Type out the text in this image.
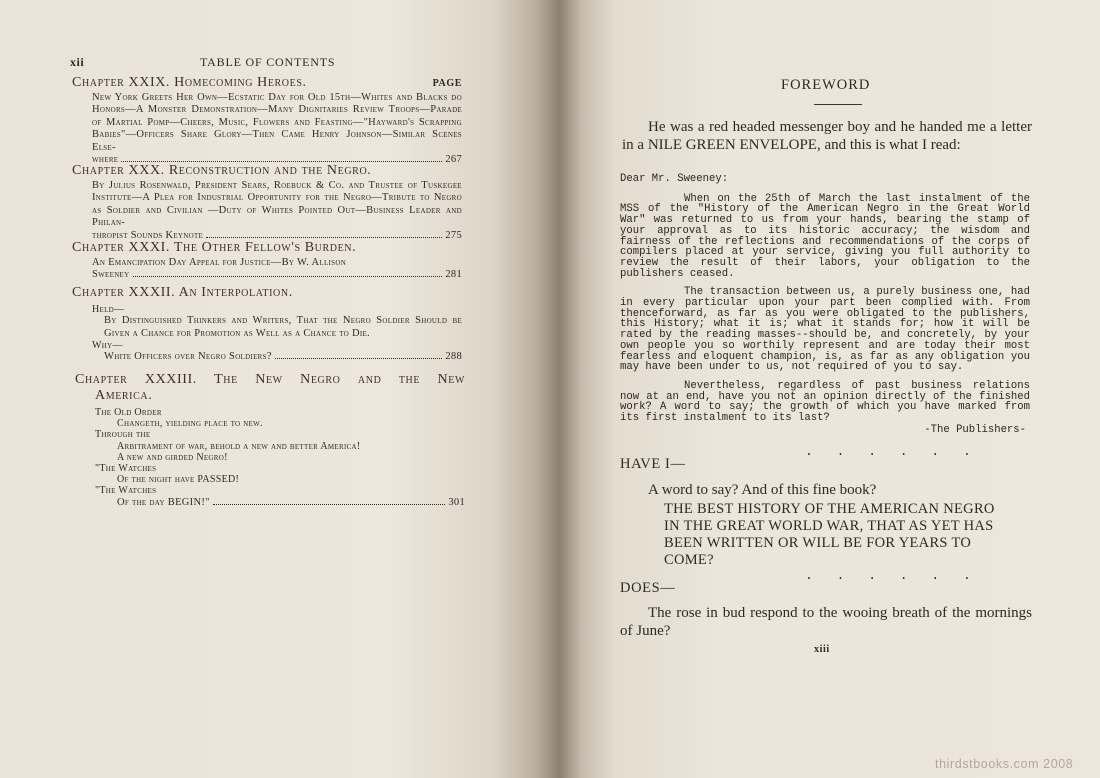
xii	TABLE OF CONTENTS
Chapter XXIX. Homecoming Heroes.	PAGE
New York Greets Her Own—Ecstatic Day for Old 15th—Whites and Blacks do Honors—A Monster Demonstration—Many Dignitaries Review Troops—Parade of Martial Pomp—Cheers, Music, Flowers and Feasting—"Hayward's Scrapping Babies"—Officers Share Glory—Then Came Henry Johnson—Similar Scenes Else-
where	267
Chapter XXX. Reconstruction and the Negro.
By Julius Rosenwald, President Sears, Roebuck & Co. and Trustee of Tuskegee Institute—A Plea for Industrial Opportunity for the Negro—Tribute to Negro as Soldier and Civilian —Duty of Whites Pointed Out—Business Leader and Philan-
thropist Sounds Keynote	275
Chapter XXXI. The Other Fellow's Burden.
An Emancipation Day Appeal for Justice—By W. Allison
Sweeney	281
Chapter XXXII. An Interpolation.
Held—
By Distinguished Thinkers and Writers, That the Negro Soldier Should be Given a Chance for Promotion as Well as a Chance to Die.
Why—
White Officers over Negro Soldiers?	288
Chapter XXXIII. The New Negro and the New
America.
The Old Order
Changeth, yielding place to new.
Through the
Arbitrament of war, behold a new and better America!
A new and girded Negro!
"The Watches
Of the night have PASSED!
"The Watches
Of the day BEGIN!"	301
FOREWORD
He was a red headed messenger boy and he handed me a letter in a NILE GREEN ENVELOPE, and this is what I read:
Dear Mr. Sweeney:

When on the 25th of March the last instalment of the MSS of the "History of the American Negro in the Great World War" was returned to us from your hands, bearing the stamp of your approval as to its historic accuracy; the wisdom and fairness of the reflections and recommendations of the corps of compilers placed at your service, giving you full authority to review the result of their labors, your obligation to the publishers ceased.

The transaction between us, a purely business one, had in every particular upon your part been complied with. From thenceforward, as far as you were obligated to the publishers, this History; what it is; what it stands for; how it will be rated by the reading masses--should be, and concretely, by your own people you so worthily represent and are today their most fearless and eloquent champion, is, as far as any obligation you may have been under to us, not required of you to say.

Nevertheless, regardless of past business relations now at an end, have you not an opinion directly of the finished work? A word to say; the growth of which you have marked from its first instalment to its last?

-The Publishers-
. . . . . .
HAVE I—
A word to say? And of this fine book?
THE BEST HISTORY OF THE AMERICAN NEGRO IN THE GREAT WORLD WAR, THAT AS YET HAS BEEN WRITTEN OR WILL BE FOR YEARS TO COME?
. . . . . .
DOES—
The rose in bud respond to the wooing breath of the mornings of June?
xiii
thirdstbooks.com 2008
